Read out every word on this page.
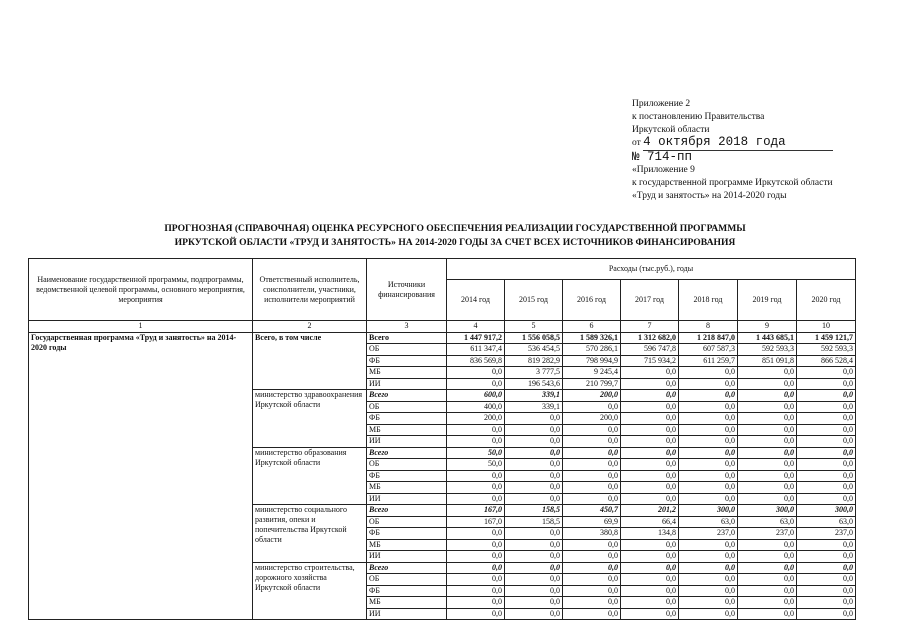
Приложение 2
к постановлению Правительства
Иркутской области
от 4 октября 2018 года
№ 714-пп
«Приложение 9
к государственной программе Иркутской области
«Труд и занятость» на 2014-2020 годы
ПРОГНОЗНАЯ (СПРАВОЧНАЯ) ОЦЕНКА РЕСУРСНОГО ОБЕСПЕЧЕНИЯ РЕАЛИЗАЦИИ ГОСУДАРСТВЕННОЙ ПРОГРАММЫ
ИРКУТСКОЙ ОБЛАСТИ «ТРУД И ЗАНЯТОСТЬ» НА 2014-2020 ГОДЫ ЗА СЧЕТ ВСЕХ ИСТОЧНИКОВ ФИНАНСИРОВАНИЯ
Наименование государственной программы, подпрограммы, ведомственной целевой программы, основного мероприятия, мероприятия	Ответственный исполнитель, соисполнители, участники, исполнители мероприятий	Источники финансирования	Расходы (тыс.руб.), годы						
			2014 год	2015 год	2016 год	2017 год	2018 год	2019 год	2020 год
1	2	3	4	5	6	7	8	9	10
Государственная программа «Труд и занятость» на 2014-2020 годы	Всего, в том числе	Всего	1 447 917,2	1 556 058,5	1 589 326,1	1 312 682,0	1 218 847,0	1 443 685,1	1 459 121,7
		ОБ	611 347,4	536 454,5	570 286,1	596 747,8	607 587,3	592 593,3	592 593,3
		ФБ	836 569,8	819 282,9	798 994,9	715 934,2	611 259,7	851 091,8	866 528,4
		МБ	0,0	3 777,5	9 245,4	0,0	0,0	0,0	0,0
		ИИ	0,0	196 543,6	210 799,7	0,0	0,0	0,0	0,0
	министерство здравоохранения Иркутской области	Всего	600,0	339,1	200,0	0,0	0,0	0,0	0,0
		ОБ	400,0	339,1	0,0	0,0	0,0	0,0	0,0
		ФБ	200,0	0,0	200,0	0,0	0,0	0,0	0,0
		МБ	0,0	0,0	0,0	0,0	0,0	0,0	0,0
		ИИ	0,0	0,0	0,0	0,0	0,0	0,0	0,0
	министерство образования Иркутской области	Всего	50,0	0,0	0,0	0,0	0,0	0,0	0,0
		ОБ	50,0	0,0	0,0	0,0	0,0	0,0	0,0
		ФБ	0,0	0,0	0,0	0,0	0,0	0,0	0,0
		МБ	0,0	0,0	0,0	0,0	0,0	0,0	0,0
		ИИ	0,0	0,0	0,0	0,0	0,0	0,0	0,0
	министерство социального развития, опеки и попечительства Иркутской области	Всего	167,0	158,5	450,7	201,2	300,0	300,0	300,0
		ОБ	167,0	158,5	69,9	66,4	63,0	63,0	63,0
		ФБ	0,0	0,0	380,8	134,8	237,0	237,0	237,0
		МБ	0,0	0,0	0,0	0,0	0,0	0,0	0,0
		ИИ	0,0	0,0	0,0	0,0	0,0	0,0	0,0
	министерство строительства, дорожного хозяйства Иркутской области	Всего	0,0	0,0	0,0	0,0	0,0	0,0	0,0
		ОБ	0,0	0,0	0,0	0,0	0,0	0,0	0,0
		ФБ	0,0	0,0	0,0	0,0	0,0	0,0	0,0
		МБ	0,0	0,0	0,0	0,0	0,0	0,0	0,0
		ИИ	0,0	0,0	0,0	0,0	0,0	0,0	0,0
